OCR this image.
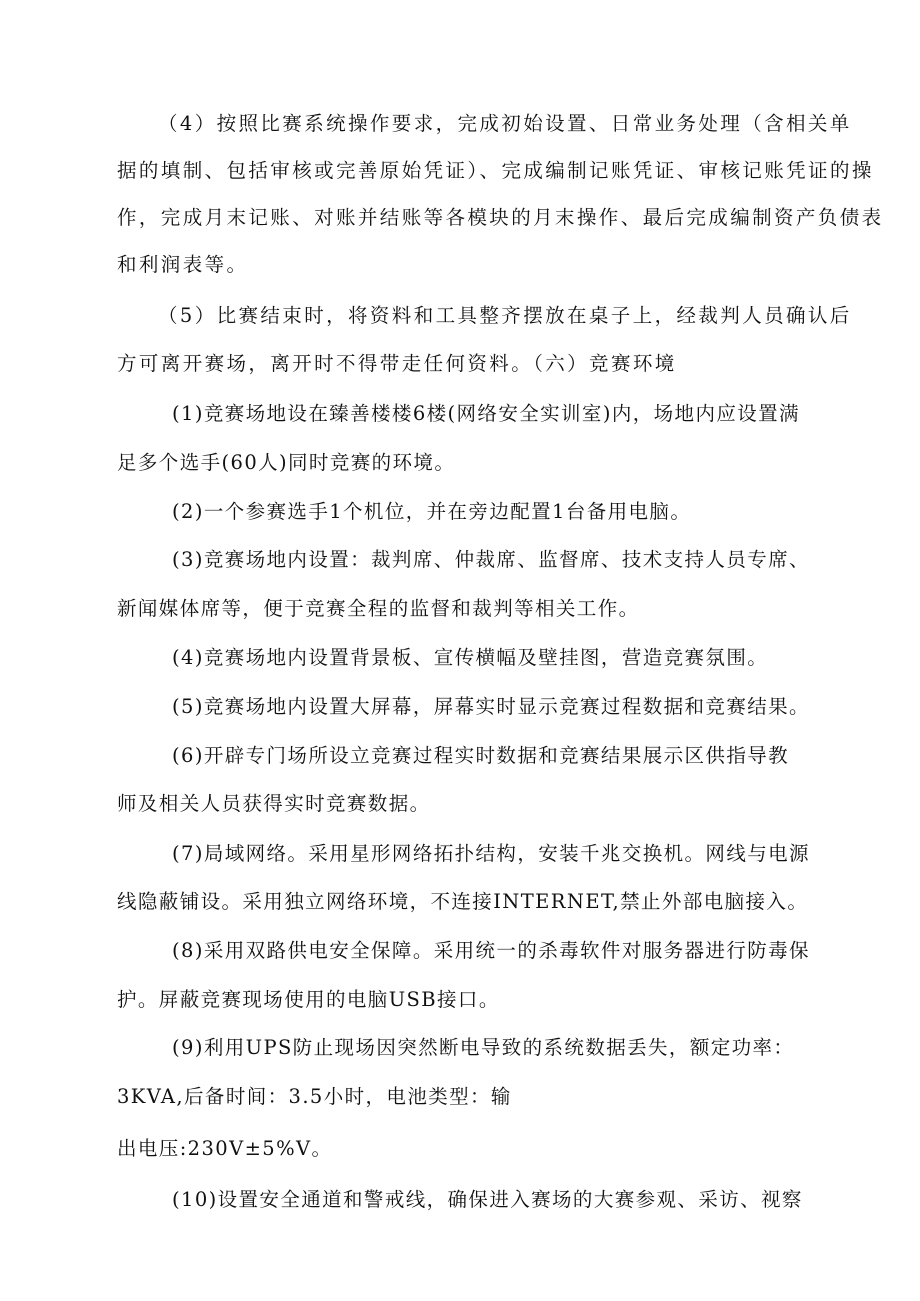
（4）按照比赛系统操作要求，完成初始设置、日常业务处理（含相关单
据的填制、包括审核或完善原始凭证）、完成编制记账凭证、审核记账凭证的操
作，完成月末记账、对账并结账等各模块的月末操作、最后完成编制资产负债表
和利润表等。
（5）比赛结束时，将资料和工具整齐摆放在桌子上，经裁判人员确认后
方可离开赛场，离开时不得带走任何资料。（六）竞赛环境
(1)竞赛场地设在臻善楼楼6楼(网络安全实训室)内，场地内应设置满
足多个选手(60人)同时竞赛的环境。
(2)一个参赛选手1个机位，并在旁边配置1台备用电脑。
(3)竞赛场地内设置：裁判席、仲裁席、监督席、技术支持人员专席、
新闻媒体席等，便于竞赛全程的监督和裁判等相关工作。
(4)竞赛场地内设置背景板、宣传横幅及壁挂图，营造竞赛氛围。
(5)竞赛场地内设置大屏幕，屏幕实时显示竞赛过程数据和竞赛结果。
(6)开辟专门场所设立竞赛过程实时数据和竞赛结果展示区供指导教
师及相关人员获得实时竞赛数据。
(7)局域网络。采用星形网络拓扑结构，安装千兆交换机。网线与电源
线隐蔽铺设。采用独立网络环境，不连接INTERNET,禁止外部电脑接入。
(8)采用双路供电安全保障。采用统一的杀毒软件对服务器进行防毒保
护。屏蔽竞赛现场使用的电脑USB接口。
(9)利用UPS防止现场因突然断电导致的系统数据丢失，额定功率：
3KVA,后备时间：3.5小时，电池类型：输
出电压:230V±5%V。
(10)设置安全通道和警戒线，确保进入赛场的大赛参观、采访、视察
